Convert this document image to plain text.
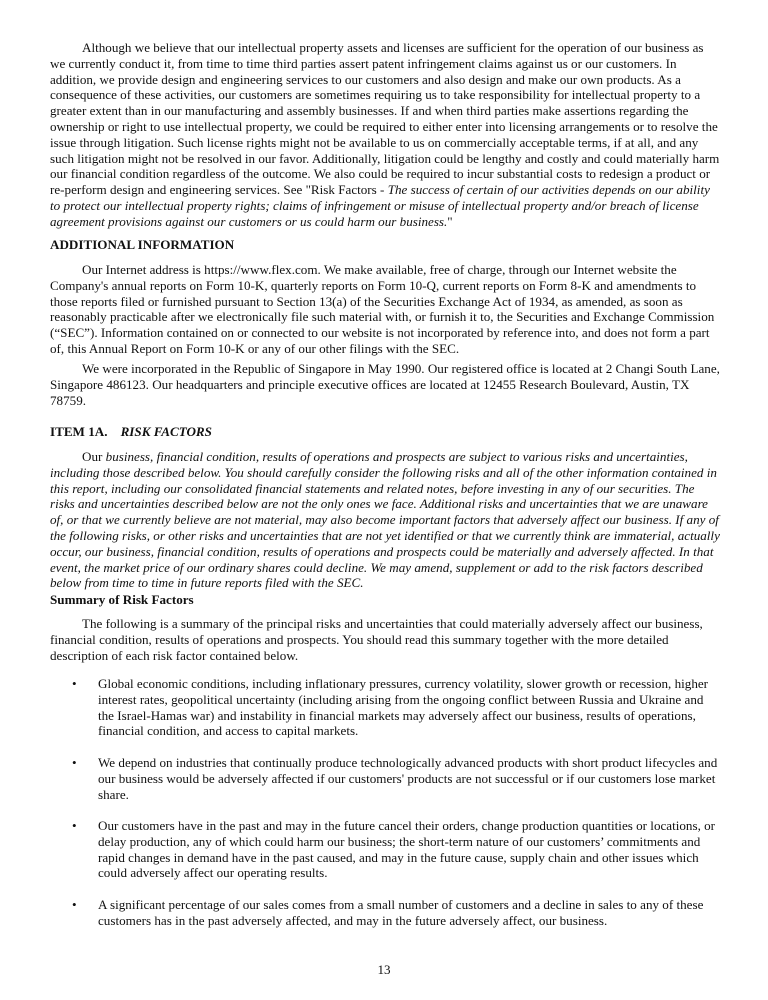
Although we believe that our intellectual property assets and licenses are sufficient for the operation of our business as we currently conduct it, from time to time third parties assert patent infringement claims against us or our customers. In addition, we provide design and engineering services to our customers and also design and make our own products. As a consequence of these activities, our customers are sometimes requiring us to take responsibility for intellectual property to a greater extent than in our manufacturing and assembly businesses. If and when third parties make assertions regarding the ownership or right to use intellectual property, we could be required to either enter into licensing arrangements or to resolve the issue through litigation. Such license rights might not be available to us on commercially acceptable terms, if at all, and any such litigation might not be resolved in our favor. Additionally, litigation could be lengthy and costly and could materially harm our financial condition regardless of the outcome. We also could be required to incur substantial costs to redesign a product or re-perform design and engineering services. See "Risk Factors - The success of certain of our activities depends on our ability to protect our intellectual property rights; claims of infringement or misuse of intellectual property and/or breach of license agreement provisions against our customers or us could harm our business."

ADDITIONAL INFORMATION

Our Internet address is https://www.flex.com. We make available, free of charge, through our Internet website the Company's annual reports on Form 10-K, quarterly reports on Form 10-Q, current reports on Form 8-K and amendments to those reports filed or furnished pursuant to Section 13(a) of the Securities Exchange Act of 1934, as amended, as soon as reasonably practicable after we electronically file such material with, or furnish it to, the Securities and Exchange Commission (“SEC”). Information contained on or connected to our website is not incorporated by reference into, and does not form a part of, this Annual Report on Form 10-K or any of our other filings with the SEC.

We were incorporated in the Republic of Singapore in May 1990. Our registered office is located at 2 Changi South Lane, Singapore 486123. Our headquarters and principle executive offices are located at 12455 Research Boulevard, Austin, TX 78759.

ITEM 1A. RISK FACTORS

Our business, financial condition, results of operations and prospects are subject to various risks and uncertainties, including those described below. You should carefully consider the following risks and all of the other information contained in this report, including our consolidated financial statements and related notes, before investing in any of our securities. The risks and uncertainties described below are not the only ones we face. Additional risks and uncertainties that we are unaware of, or that we currently believe are not material, may also become important factors that adversely affect our business. If any of the following risks, or other risks and uncertainties that are not yet identified or that we currently think are immaterial, actually occur, our business, financial condition, results of operations and prospects could be materially and adversely affected. In that event, the market price of our ordinary shares could decline. We may amend, supplement or add to the risk factors described below from time to time in future reports filed with the SEC.

Summary of Risk Factors

The following is a summary of the principal risks and uncertainties that could materially adversely affect our business, financial condition, results of operations and prospects. You should read this summary together with the more detailed description of each risk factor contained below.

• Global economic conditions, including inflationary pressures, currency volatility, slower growth or recession, higher interest rates, geopolitical uncertainty (including arising from the ongoing conflict between Russia and Ukraine and the Israel-Hamas war) and instability in financial markets may adversely affect our business, results of operations, financial condition, and access to capital markets.
• We depend on industries that continually produce technologically advanced products with short product lifecycles and our business would be adversely affected if our customers' products are not successful or if our customers lose market share.
• Our customers have in the past and may in the future cancel their orders, change production quantities or locations, or delay production, any of which could harm our business; the short-term nature of our customers’ commitments and rapid changes in demand have in the past caused, and may in the future cause, supply chain and other issues which could adversely affect our operating results.
• A significant percentage of our sales comes from a small number of customers and a decline in sales to any of these customers has in the past adversely affected, and may in the future adversely affect, our business.
13
